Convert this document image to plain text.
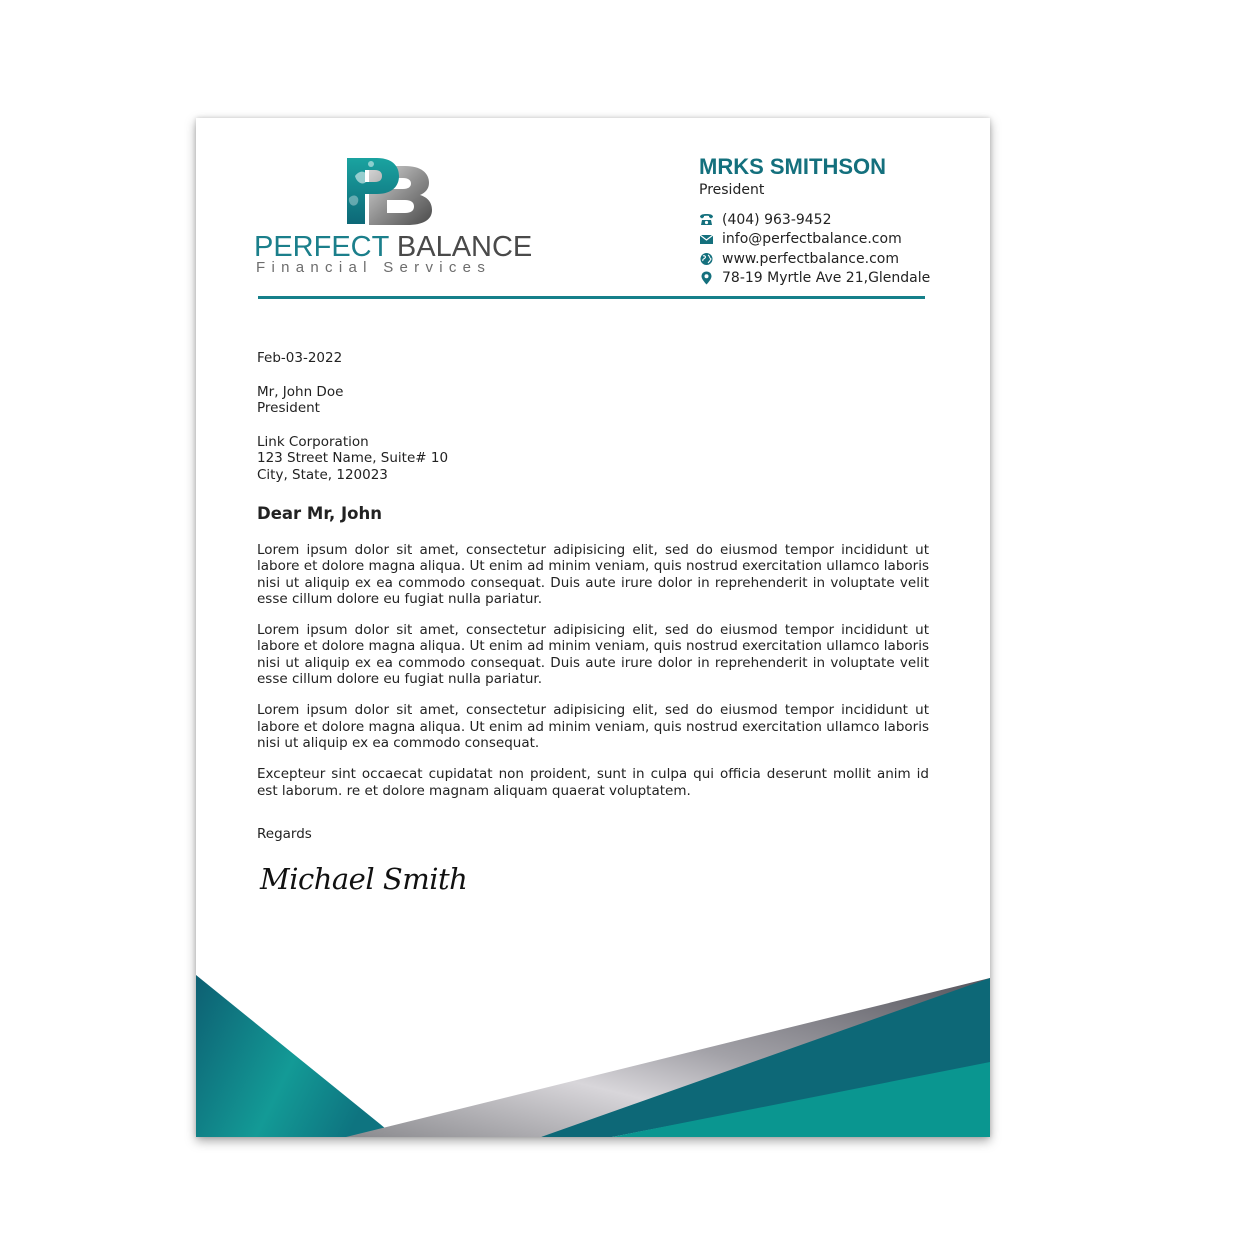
PERFECT BALANCE
Financial Services
MRKS SMITHSON
President
(404) 963-9452
info@perfectbalance.com
www.perfectbalance.com
78-19 Myrtle Ave 21,Glendale
Feb-03-2022
Mr, John Doe
President
Link Corporation
123 Street Name, Suite# 10
City, State, 120023
Dear Mr, John

Lorem ipsum dolor sit amet, consectetur adipisicing elit, sed do eiusmod tempor incididunt ut labore et dolore magna aliqua. Ut enim ad minim veniam, quis nostrud exercitation ullamco laboris nisi ut aliquip ex ea commodo consequat. Duis aute irure dolor in reprehenderit in voluptate velit esse cillum dolore eu fugiat nulla pariatur.

Lorem ipsum dolor sit amet, consectetur adipisicing elit, sed do eiusmod tempor incididunt ut labore et dolore magna aliqua. Ut enim ad minim veniam, quis nostrud exercitation ullamco laboris nisi ut aliquip ex ea commodo consequat. Duis aute irure dolor in reprehenderit in voluptate velit esse cillum dolore eu fugiat nulla pariatur.

Lorem ipsum dolor sit amet, consectetur adipisicing elit, sed do eiusmod tempor incididunt ut labore et dolore magna aliqua. Ut enim ad minim veniam, quis nostrud exercitation ullamco laboris nisi ut aliquip ex ea commodo consequat.

Excepteur sint occaecat cupidatat non proident, sunt in culpa qui officia deserunt mollit anim id est laborum. re et dolore magnam aliquam quaerat voluptatem.

Regards
Michael Smith
